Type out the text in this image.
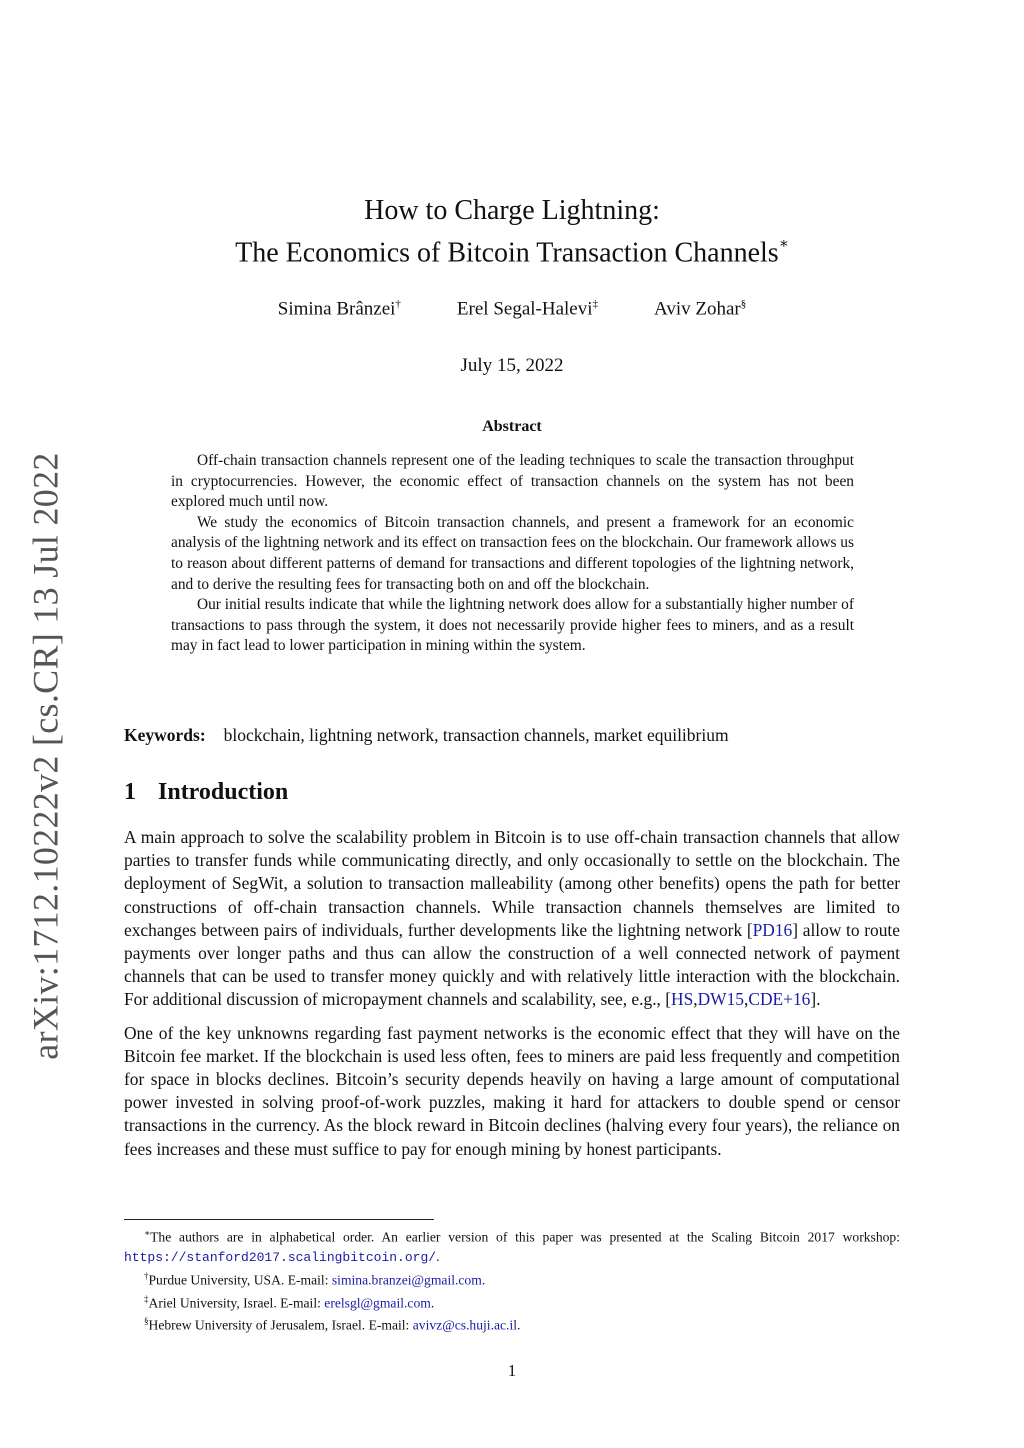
arXiv:1712.10222v2 [cs.CR] 13 Jul 2022
How to Charge Lightning:
The Economics of Bitcoin Transaction Channels∗
Simina Brânzei†	Erel Segal-Halevi‡	Aviv Zohar§
July 15, 2022
Abstract

Off-chain transaction channels represent one of the leading techniques to scale the transaction throughput in cryptocurrencies. However, the economic effect of transaction channels on the system has not been explored much until now.

We study the economics of Bitcoin transaction channels, and present a framework for an economic analysis of the lightning network and its effect on transaction fees on the blockchain. Our framework allows us to reason about different patterns of demand for transactions and different topologies of the lightning network, and to derive the resulting fees for transacting both on and off the blockchain.

Our initial results indicate that while the lightning network does allow for a substantially higher number of transactions to pass through the system, it does not necessarily provide higher fees to miners, and as a result may in fact lead to lower participation in mining within the system.

Keywords: blockchain, lightning network, transaction channels, market equilibrium
1 Introduction

A main approach to solve the scalability problem in Bitcoin is to use off-chain transaction channels that allow parties to transfer funds while communicating directly, and only occasionally to settle on the blockchain. The deployment of SegWit, a solution to transaction malleability (among other benefits) opens the path for better constructions of off-chain transaction channels. While transaction channels themselves are limited to exchanges between pairs of individuals, further developments like the lightning network [PD16] allow to route payments over longer paths and thus can allow the construction of a well connected network of payment channels that can be used to transfer money quickly and with relatively little interaction with the blockchain. For additional discussion of micropayment channels and scalability, see, e.g., [HS,DW15,CDE+16].

One of the key unknowns regarding fast payment networks is the economic effect that they will have on the Bitcoin fee market. If the blockchain is used less often, fees to miners are paid less frequently and competition for space in blocks declines. Bitcoin’s security depends heavily on having a large amount of computational power invested in solving proof-of-work puzzles, making it hard for attackers to double spend or censor transactions in the currency. As the block reward in Bitcoin declines (halving every four years), the reliance on fees increases and these must suffice to pay for enough mining by honest participants.

∗The authors are in alphabetical order. An earlier version of this paper was presented at the Scaling Bitcoin 2017 workshop: https://stanford2017.scalingbitcoin.org/.

†Purdue University, USA. E-mail: simina.branzei@gmail.com.

‡Ariel University, Israel. E-mail: erelsgl@gmail.com.

§Hebrew University of Jerusalem, Israel. E-mail: avivz@cs.huji.ac.il.

1
